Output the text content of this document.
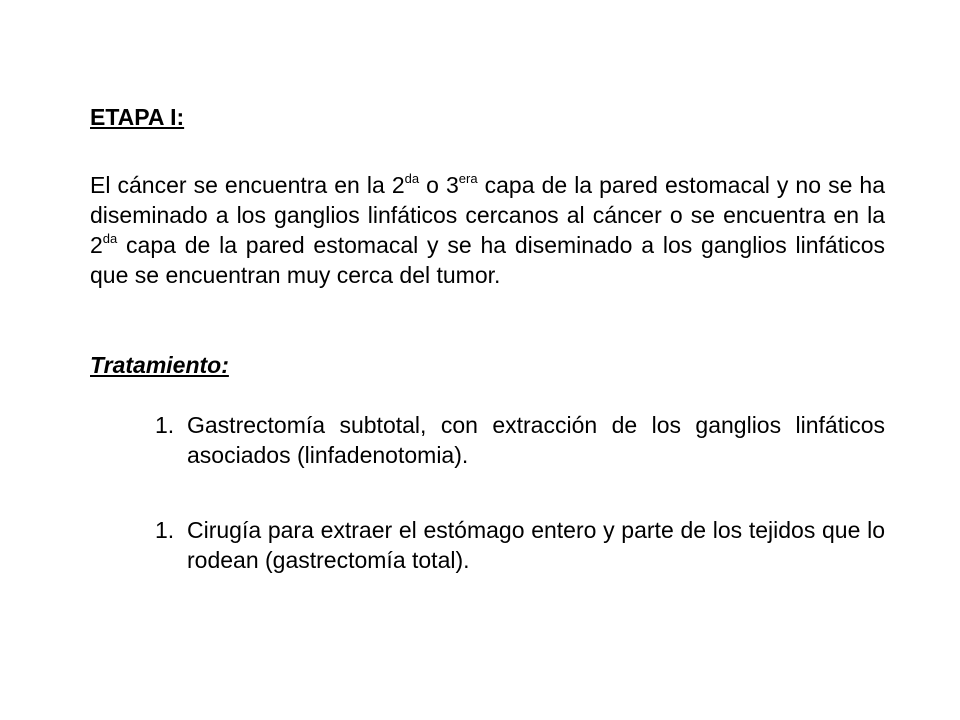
ETAPA I:
El cáncer se encuentra en la $2^{da}$ o $3^{era}$ capa de la pared estomacal y no se ha diseminado a los ganglios linfáticos cercanos al cáncer o se encuentra en la $2^{da}$ capa de la pared estomacal y se ha diseminado a los ganglios linfáticos que se encuentran muy cerca del tumor.
Tratamiento:
1. Gastrectomía subtotal, con extracción de los ganglios linfáticos asociados (linfadenotomia).
1. Cirugía para extraer el estómago entero y parte de los tejidos que lo rodean (gastrectomía total).
